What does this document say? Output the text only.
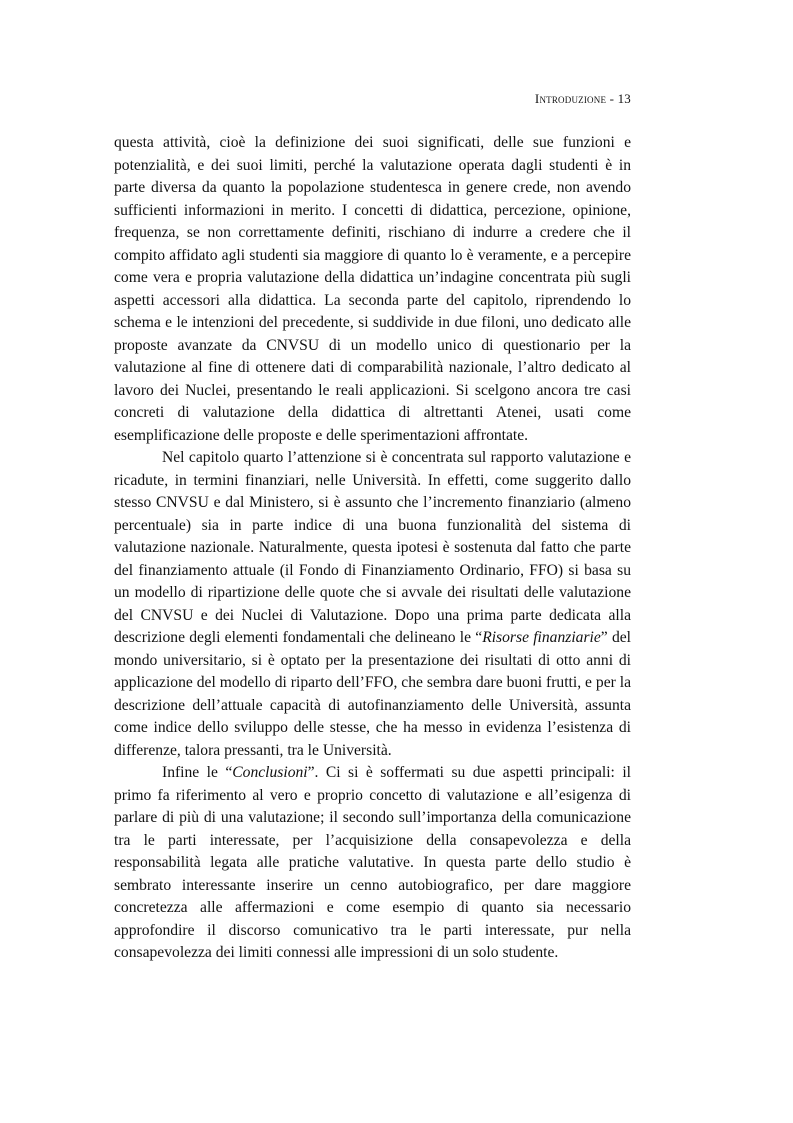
Introduzione - 13

questa attività, cioè la definizione dei suoi significati, delle sue funzioni e potenzialità, e dei suoi limiti, perché la valutazione operata dagli studenti è in parte diversa da quanto la popolazione studentesca in genere crede, non avendo sufficienti informazioni in merito. I concetti di didattica, percezione, opinione, frequenza, se non correttamente definiti, rischiano di indurre a credere che il compito affidato agli studenti sia maggiore di quanto lo è veramente, e a percepire come vera e propria valutazione della didattica un’indagine concentrata più sugli aspetti accessori alla didattica. La seconda parte del capitolo, riprendendo lo schema e le intenzioni del precedente, si suddivide in due filoni, uno dedicato alle proposte avanzate da CNVSU di un modello unico di questionario per la valutazione al fine di ottenere dati di comparabilità nazionale, l’altro dedicato al lavoro dei Nuclei, presentando le reali applicazioni. Si scelgono ancora tre casi concreti di valutazione della didattica di altrettanti Atenei, usati come esemplificazione delle proposte e delle sperimentazioni affrontate.

Nel capitolo quarto l’attenzione si è concentrata sul rapporto valutazione e ricadute, in termini finanziari, nelle Università. In effetti, come suggerito dallo stesso CNVSU e dal Ministero, si è assunto che l’incremento finanziario (almeno percentuale) sia in parte indice di una buona funzionalità del sistema di valutazione nazionale. Naturalmente, questa ipotesi è sostenuta dal fatto che parte del finanziamento attuale (il Fondo di Finanziamento Ordinario, FFO) si basa su un modello di ripartizione delle quote che si avvale dei risultati delle valutazione del CNVSU e dei Nuclei di Valutazione. Dopo una prima parte dedicata alla descrizione degli elementi fondamentali che delineano le “Risorse finanziarie” del mondo universitario, si è optato per la presentazione dei risultati di otto anni di applicazione del modello di riparto dell’FFO, che sembra dare buoni frutti, e per la descrizione dell’attuale capacità di autofinanziamento delle Università, assunta come indice dello sviluppo delle stesse, che ha messo in evidenza l’esistenza di differenze, talora pressanti, tra le Università.

Infine le “Conclusioni”. Ci si è soffermati su due aspetti principali: il primo fa riferimento al vero e proprio concetto di valutazione e all’esigenza di parlare di più di una valutazione; il secondo sull’importanza della comunicazione tra le parti interessate, per l’acquisizione della consapevolezza e della responsabilità legata alle pratiche valutative. In questa parte dello studio è sembrato interessante inserire un cenno autobiografico, per dare maggiore concretezza alle affermazioni e come esempio di quanto sia necessario approfondire il discorso comunicativo tra le parti interessate, pur nella consapevolezza dei limiti connessi alle impressioni di un solo studente.
